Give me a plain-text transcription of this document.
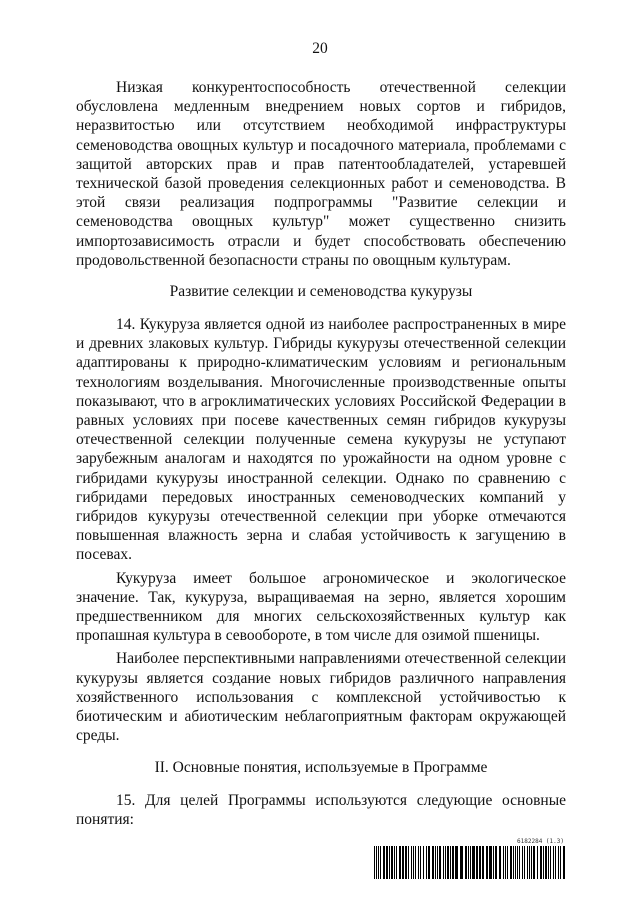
20

Низкая конкурентоспособность отечественной селекции обусловлена медленным внедрением новых сортов и гибридов, неразвитостью или отсутствием необходимой инфраструктуры семеноводства овощных культур и посадочного материала, проблемами с защитой авторских прав и прав патентообладателей, устаревшей технической базой проведения селекционных работ и семеноводства. В этой связи реализация подпрограммы "Развитие селекции и семеноводства овощных культур" может существенно снизить импортозависимость отрасли и будет способствовать обеспечению продовольственной безопасности страны по овощным культурам.

Развитие селекции и семеноводства кукурузы

14. Кукуруза является одной из наиболее распространенных в мире и древних злаковых культур. Гибриды кукурузы отечественной селекции адаптированы к природно-климатическим условиям и региональным технологиям возделывания. Многочисленные производственные опыты показывают, что в агроклиматических условиях Российской Федерации в равных условиях при посеве качественных семян гибридов кукурузы отечественной селекции полученные семена кукурузы не уступают зарубежным аналогам и находятся по урожайности на одном уровне с гибридами кукурузы иностранной селекции. Однако по сравнению с гибридами передовых иностранных семеноводческих компаний у гибридов кукурузы отечественной селекции при уборке отмечаются повышенная влажность зерна и слабая устойчивость к загущению в посевах.

Кукуруза имеет большое агрономическое и экологическое значение. Так, кукуруза, выращиваемая на зерно, является хорошим предшественником для многих сельскохозяйственных культур как пропашная культура в севообороте, в том числе для озимой пшеницы.

Наиболее перспективными направлениями отечественной селекции кукурузы является создание новых гибридов различного направления хозяйственного использования с комплексной устойчивостью к биотическим и абиотическим неблагоприятным факторам окружающей среды.

II. Основные понятия, используемые в Программе

15. Для целей Программы используются следующие основные понятия:

6182284 (1.3)
